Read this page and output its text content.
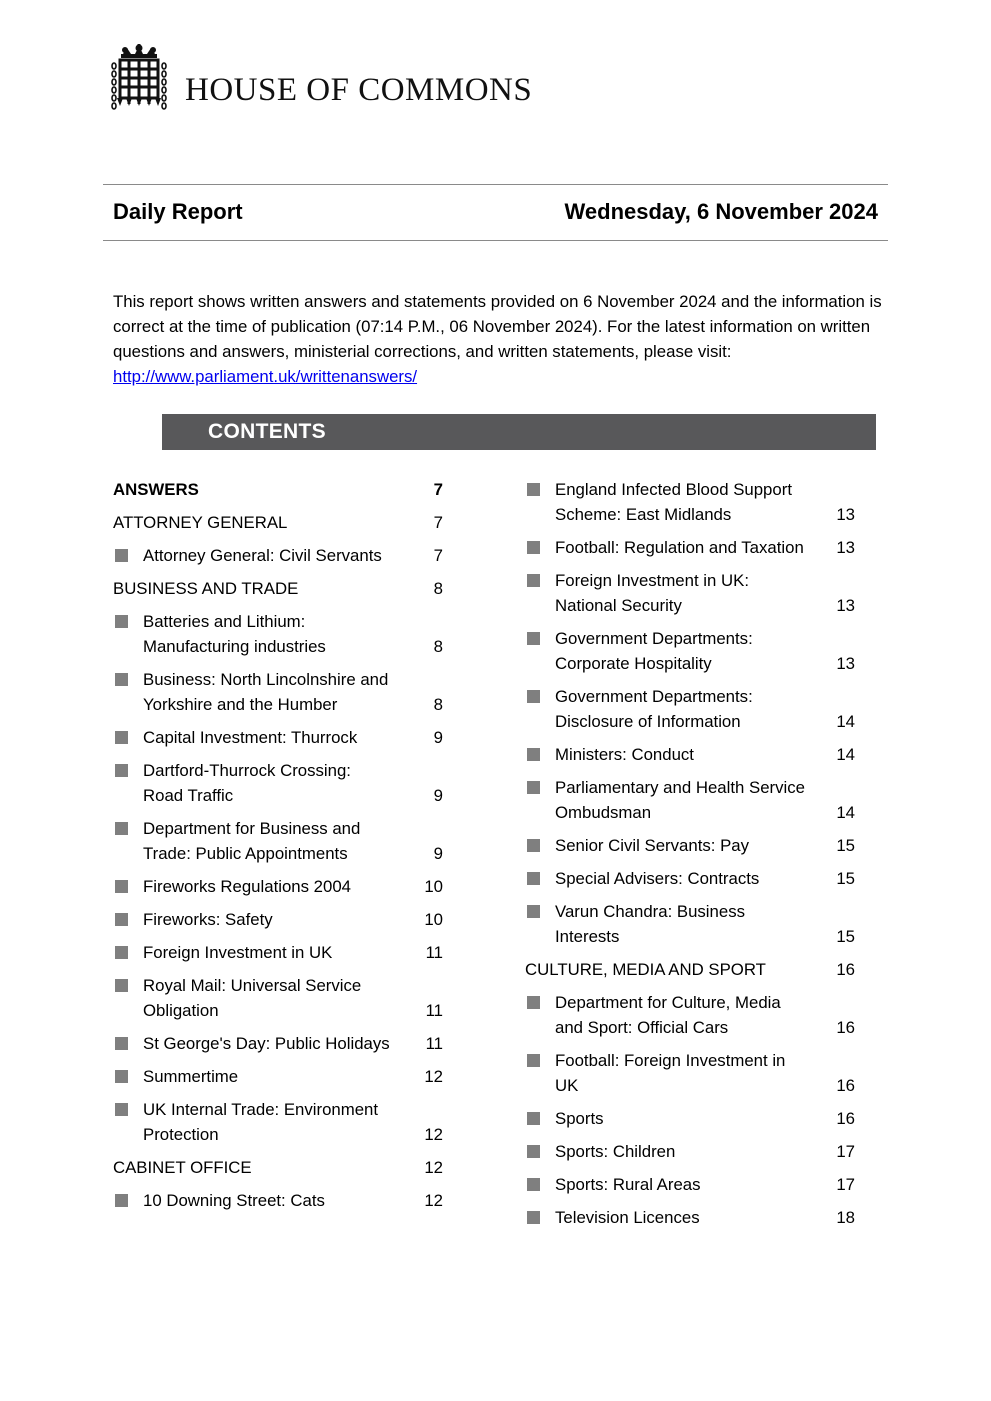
HOUSE OF COMMONS
Daily Report	Wednesday, 6 November 2024
This report shows written answers and statements provided on 6 November 2024 and the information is correct at the time of publication (07:14 P.M., 06 November 2024). For the latest information on written questions and answers, ministerial corrections, and written statements, please visit: http://www.parliament.uk/writtenanswers/
CONTENTS
ANSWERS	7
ATTORNEY GENERAL	7
Attorney General: Civil Servants	7
BUSINESS AND TRADE	8
Batteries and Lithium: Manufacturing industries	8
Business: North Lincolnshire and Yorkshire and the Humber	8
Capital Investment: Thurrock	9
Dartford-Thurrock Crossing: Road Traffic	9
Department for Business and Trade: Public Appointments	9
Fireworks Regulations 2004	10
Fireworks: Safety	10
Foreign Investment in UK	11
Royal Mail: Universal Service Obligation	11
St George's Day: Public Holidays	11
Summertime	12
UK Internal Trade: Environment Protection	12
CABINET OFFICE	12
10 Downing Street: Cats	12
England Infected Blood Support Scheme: East Midlands	13
Football: Regulation and Taxation 13
Foreign Investment in UK: National Security	13
Government Departments: Corporate Hospitality	13
Government Departments: Disclosure of Information	14
Ministers: Conduct	14
Parliamentary and Health Service Ombudsman	14
Senior Civil Servants: Pay	15
Special Advisers: Contracts	15
Varun Chandra: Business Interests	15
CULTURE, MEDIA AND SPORT	16
Department for Culture, Media and Sport: Official Cars	16
Football: Foreign Investment in UK	16
Sports	16
Sports: Children	17
Sports: Rural Areas	17
Television Licences	18
